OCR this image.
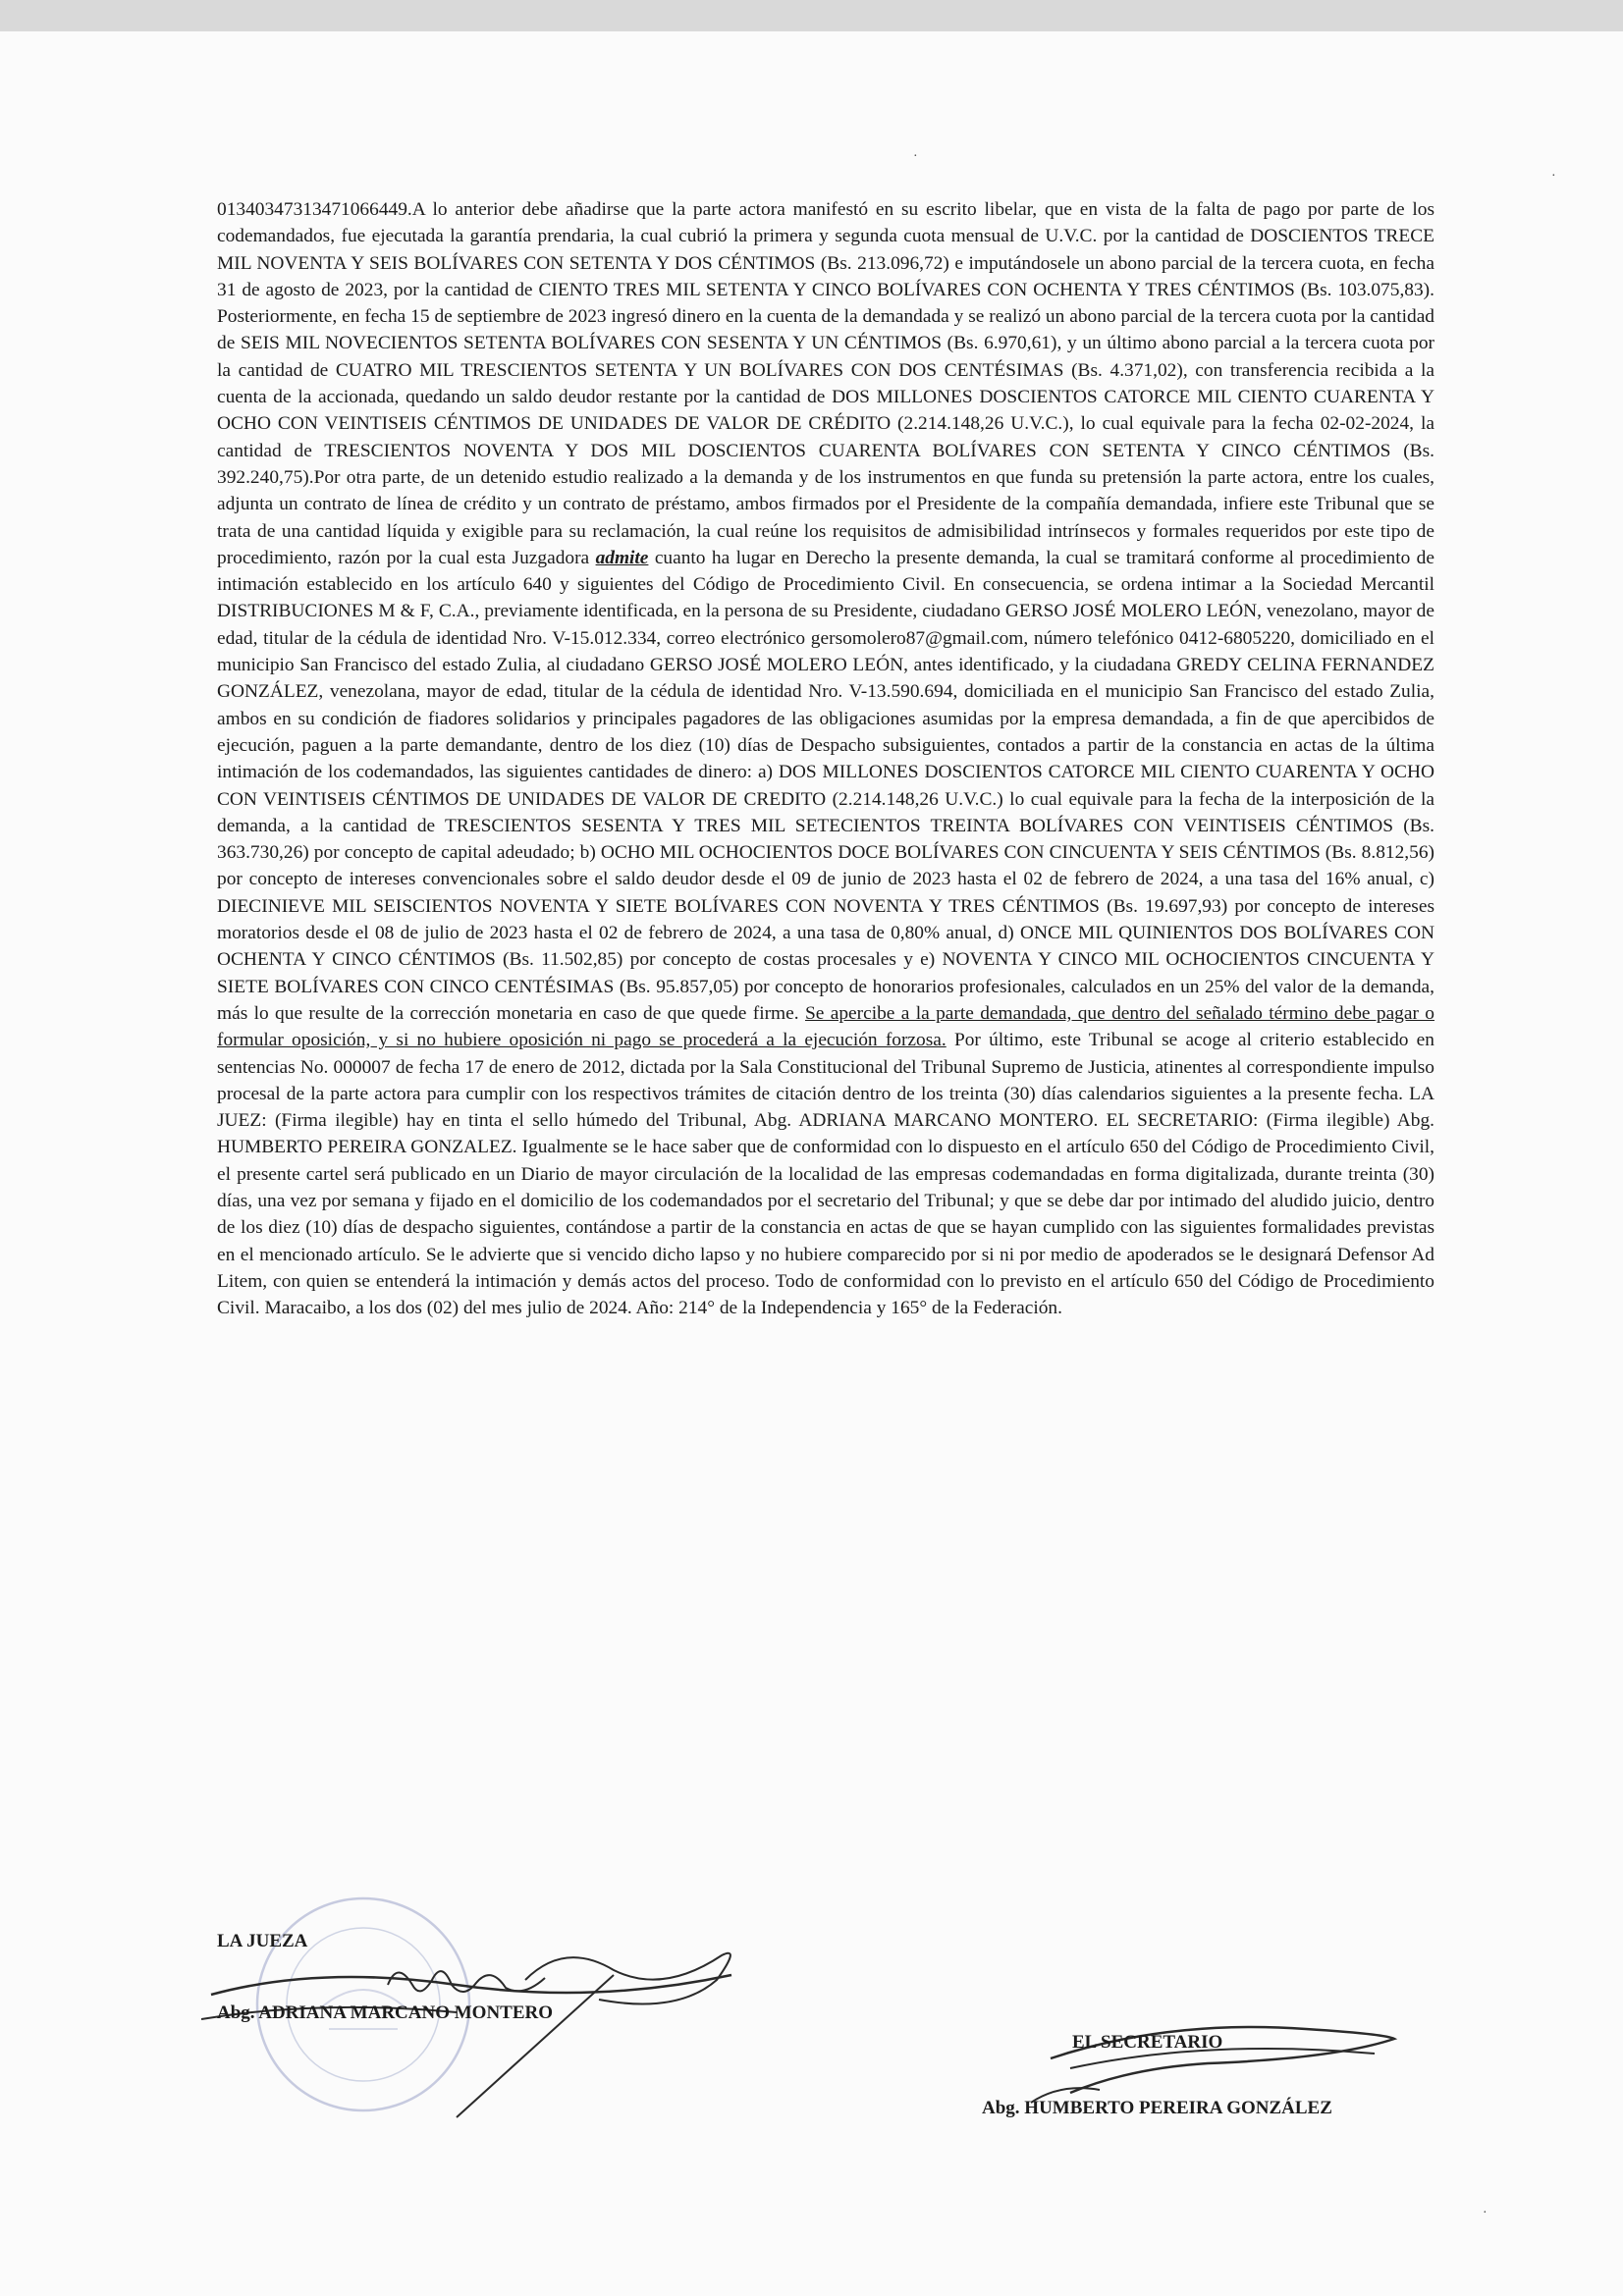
·
·

01340347313471066449.A lo anterior debe añadirse que la parte actora manifestó en su escrito libelar, que en vista de la falta de pago por parte de los codemandados, fue ejecutada la garantía prendaria, la cual cubrió la primera y segunda cuota mensual de U.V.C. por la cantidad de DOSCIENTOS TRECE MIL NOVENTA Y SEIS BOLÍVARES CON SETENTA Y DOS CÉNTIMOS (Bs. 213.096,72) e imputándosele un abono parcial de la tercera cuota, en fecha 31 de agosto de 2023, por la cantidad de CIENTO TRES MIL SETENTA Y CINCO BOLÍVARES CON OCHENTA Y TRES CÉNTIMOS (Bs. 103.075,83). Posteriormente, en fecha 15 de septiembre de 2023 ingresó dinero en la cuenta de la demandada y se realizó un abono parcial de la tercera cuota por la cantidad de SEIS MIL NOVECIENTOS SETENTA BOLÍVARES CON SESENTA Y UN CÉNTIMOS (Bs. 6.970,61), y un último abono parcial a la tercera cuota por la cantidad de CUATRO MIL TRESCIENTOS SETENTA Y UN BOLÍVARES CON DOS CENTÉSIMAS (Bs. 4.371,02), con transferencia recibida a la cuenta de la accionada, quedando un saldo deudor restante por la cantidad de DOS MILLONES DOSCIENTOS CATORCE MIL CIENTO CUARENTA Y OCHO CON VEINTISEIS CÉNTIMOS DE UNIDADES DE VALOR DE CRÉDITO (2.214.148,26 U.V.C.), lo cual equivale para la fecha 02-02-2024, la cantidad de TRESCIENTOS NOVENTA Y DOS MIL DOSCIENTOS CUARENTA BOLÍVARES CON SETENTA Y CINCO CÉNTIMOS (Bs. 392.240,75).Por otra parte, de un detenido estudio realizado a la demanda y de los instrumentos en que funda su pretensión la parte actora, entre los cuales, adjunta un contrato de línea de crédito y un contrato de préstamo, ambos firmados por el Presidente de la compañía demandada, infiere este Tribunal que se trata de una cantidad líquida y exigible para su reclamación, la cual reúne los requisitos de admisibilidad intrínsecos y formales requeridos por este tipo de procedimiento, razón por la cual esta Juzgadora admite cuanto ha lugar en Derecho la presente demanda, la cual se tramitará conforme al procedimiento de intimación establecido en los artículo 640 y siguientes del Código de Procedimiento Civil. En consecuencia, se ordena intimar a la Sociedad Mercantil DISTRIBUCIONES M & F, C.A., previamente identificada, en la persona de su Presidente, ciudadano GERSO JOSÉ MOLERO LEÓN, venezolano, mayor de edad, titular de la cédula de identidad Nro. V-15.012.334, correo electrónico gersomolero87@gmail.com, número telefónico 0412-6805220, domiciliado en el municipio San Francisco del estado Zulia, al ciudadano GERSO JOSÉ MOLERO LEÓN, antes identificado, y la ciudadana GREDY CELINA FERNANDEZ GONZÁLEZ, venezolana, mayor de edad, titular de la cédula de identidad Nro. V-13.590.694, domiciliada en el municipio San Francisco del estado Zulia, ambos en su condición de fiadores solidarios y principales pagadores de las obligaciones asumidas por la empresa demandada, a fin de que apercibidos de ejecución, paguen a la parte demandante, dentro de los diez (10) días de Despacho subsiguientes, contados a partir de la constancia en actas de la última intimación de los codemandados, las siguientes cantidades de dinero: a) DOS MILLONES DOSCIENTOS CATORCE MIL CIENTO CUARENTA Y OCHO CON VEINTISEIS CÉNTIMOS DE UNIDADES DE VALOR DE CREDITO (2.214.148,26 U.V.C.) lo cual equivale para la fecha de la interposición de la demanda, a la cantidad de TRESCIENTOS SESENTA Y TRES MIL SETECIENTOS TREINTA BOLÍVARES CON VEINTISEIS CÉNTIMOS (Bs. 363.730,26) por concepto de capital adeudado; b) OCHO MIL OCHOCIENTOS DOCE BOLÍVARES CON CINCUENTA Y SEIS CÉNTIMOS (Bs. 8.812,56) por concepto de intereses convencionales sobre el saldo deudor desde el 09 de junio de 2023 hasta el 02 de febrero de 2024, a una tasa del 16% anual, c) DIECINIEVE MIL SEISCIENTOS NOVENTA Y SIETE BOLÍVARES CON NOVENTA Y TRES CÉNTIMOS (Bs. 19.697,93) por concepto de intereses moratorios desde el 08 de julio de 2023 hasta el 02 de febrero de 2024, a una tasa de 0,80% anual, d) ONCE MIL QUINIENTOS DOS BOLÍVARES CON OCHENTA Y CINCO CÉNTIMOS (Bs. 11.502,85) por concepto de costas procesales y e) NOVENTA Y CINCO MIL OCHOCIENTOS CINCUENTA Y SIETE BOLÍVARES CON CINCO CENTÉSIMAS (Bs. 95.857,05) por concepto de honorarios profesionales, calculados en un 25% del valor de la demanda, más lo que resulte de la corrección monetaria en caso de que quede firme. Se apercibe a la parte demandada, que dentro del señalado término debe pagar o formular oposición, y si no hubiere oposición ni pago se procederá a la ejecución forzosa. Por último, este Tribunal se acoge al criterio establecido en sentencias No. 000007 de fecha 17 de enero de 2012, dictada por la Sala Constitucional del Tribunal Supremo de Justicia, atinentes al correspondiente impulso procesal de la parte actora para cumplir con los respectivos trámites de citación dentro de los treinta (30) días calendarios siguientes a la presente fecha. LA JUEZ: (Firma ilegible) hay en tinta el sello húmedo del Tribunal, Abg. ADRIANA MARCANO MONTERO. EL SECRETARIO: (Firma ilegible) Abg. HUMBERTO PEREIRA GONZALEZ. Igualmente se le hace saber que de conformidad con lo dispuesto en el artículo 650 del Código de Procedimiento Civil, el presente cartel será publicado en un Diario de mayor circulación de la localidad de las empresas codemandadas en forma digitalizada, durante treinta (30) días, una vez por semana y fijado en el domicilio de los codemandados por el secretario del Tribunal; y que se debe dar por intimado del aludido juicio, dentro de los diez (10) días de despacho siguientes, contándose a partir de la constancia en actas de que se hayan cumplido con las siguientes formalidades previstas en el mencionado artículo. Se le advierte que si vencido dicho lapso y no hubiere comparecido por si ni por medio de apoderados se le designará Defensor Ad Litem, con quien se entenderá la intimación y demás actos del proceso. Todo de conformidad con lo previsto en el artículo 650 del Código de Procedimiento Civil. Maracaibo, a los dos (02) del mes julio de 2024. Año: 214° de la Independencia y 165° de la Federación.

LA JUEZA
Abg. ADRIANA MARCANO MONTERO
EL SECRETARIO
Abg. HUMBERTO PEREIRA GONZÁLEZ
·
